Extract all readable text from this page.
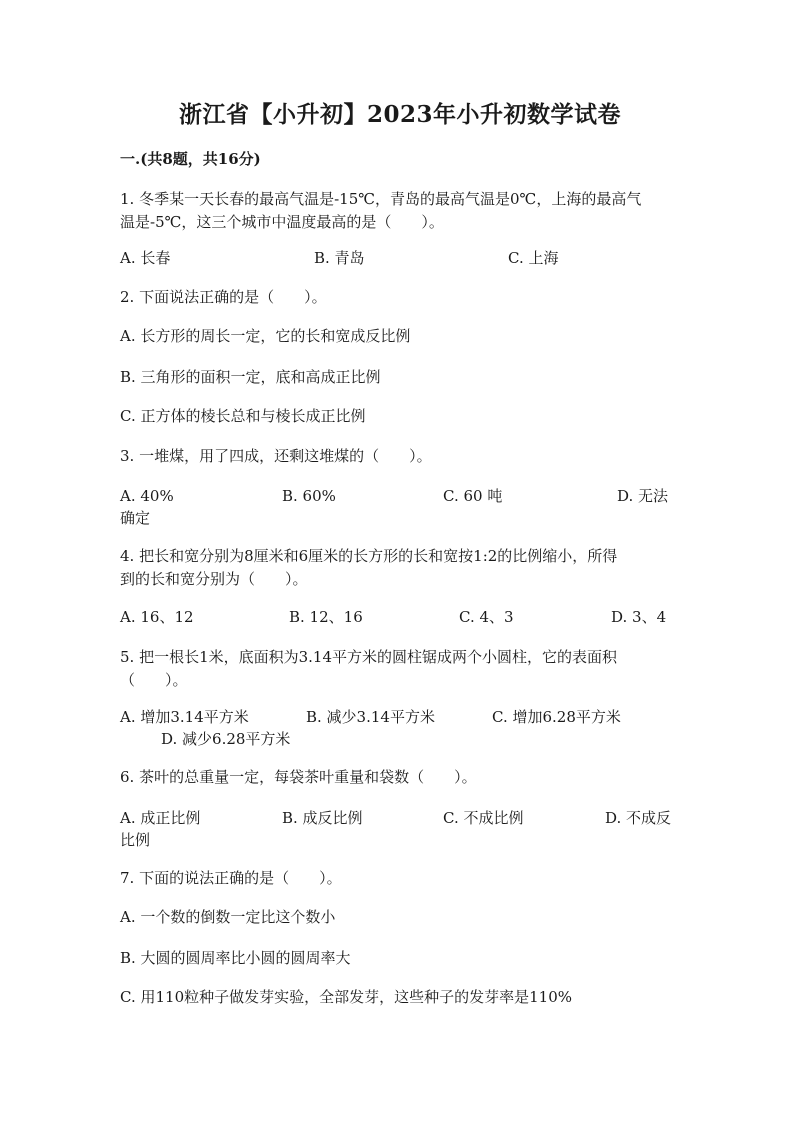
浙江省【小升初】2023年小升初数学试卷
一.(共8题，共16分)
1. 冬季某一天长春的最高气温是-15℃，青岛的最高气温是0℃，上海的最高气
温是-5℃，这三个城市中温度最高的是（　　）。
A. 长春	B. 青岛	C. 上海
2. 下面说法正确的是（　　）。
A. 长方形的周长一定，它的长和宽成反比例
B. 三角形的面积一定，底和高成正比例
C. 正方体的棱长总和与棱长成正比例
3. 一堆煤，用了四成，还剩这堆煤的（　　）。
A. 40%	B. 60%	C. 60 吨	D. 无法
确定
4. 把长和宽分别为8厘米和6厘米的长方形的长和宽按1:2的比例缩小，所得
到的长和宽分别为（　　）。
A. 16、12	B. 12、16	C. 4、3	D. 3、4
5. 把一根长1米，底面积为3.14平方米的圆柱锯成两个小圆柱，它的表面积
（　　）。
A. 增加3.14平方米	B. 减少3.14平方米	C. 增加6.28平方米
D. 减少6.28平方米
6. 茶叶的总重量一定，每袋茶叶重量和袋数（　　）。
A. 成正比例	B. 成反比例	C. 不成比例	D. 不成反
比例
7. 下面的说法正确的是（　　）。
A. 一个数的倒数一定比这个数小
B. 大圆的圆周率比小圆的圆周率大
C. 用110粒种子做发芽实验，全部发芽，这些种子的发芽率是110%
